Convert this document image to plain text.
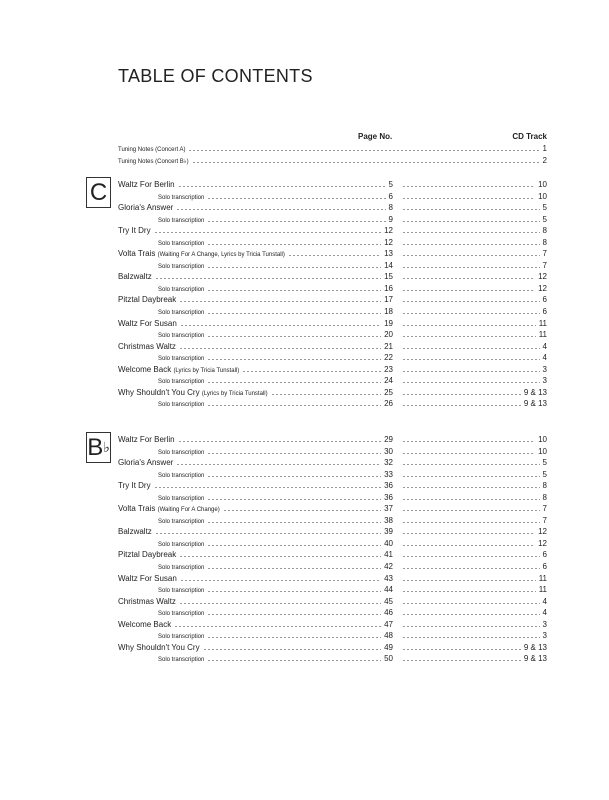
TABLE OF CONTENTS
Page No.	CD Track
Tuning Notes (Concert A)	1
Tuning Notes (Concert B♭)	2
C	Waltz For Berlin	5	10
Solo transcription	6	10
Gloria's Answer	8	5
Solo transcription	9	5
Try It Dry	12	8
Solo transcription	12	8
Volta Trais (Waiting For A Change, Lyrics by Tricia Tunstall)	13	7
Solo transcription	14	7
Balzwaltz	15	12
Solo transcription	16	12
Pitztal Daybreak	17	6
Solo transcription	18	6
Waltz For Susan	19	11
Solo transcription	20	11
Christmas Waltz	21	4
Solo transcription	22	4
Welcome Back (Lyrics by Tricia Tunstall)	23	3
Solo transcription	24	3
Why Shouldn't You Cry (Lyrics by Tricia Tunstall)	25	9 & 13
Solo transcription	26	9 & 13
B♭ Waltz For Berlin	29	10
Solo transcription	30	10
Gloria's Answer	32	5
Solo transcription	33	5
Try It Dry	36	8
Solo transcription	36	8
Volta Trais (Waiting For A Change)	37	7
Solo transcription	38	7
Balzwaltz	39	12
Solo transcription	40	12
Pitztal Daybreak	41	6
Solo transcription	42	6
Waltz For Susan	43	11
Solo transcription	44	11
Christmas Waltz	45	4
Solo transcription	46	4
Welcome Back	47	3
Solo transcription	48	3
Why Shouldn't You Cry	49	9 & 13
Solo transcription	50	9 & 13
